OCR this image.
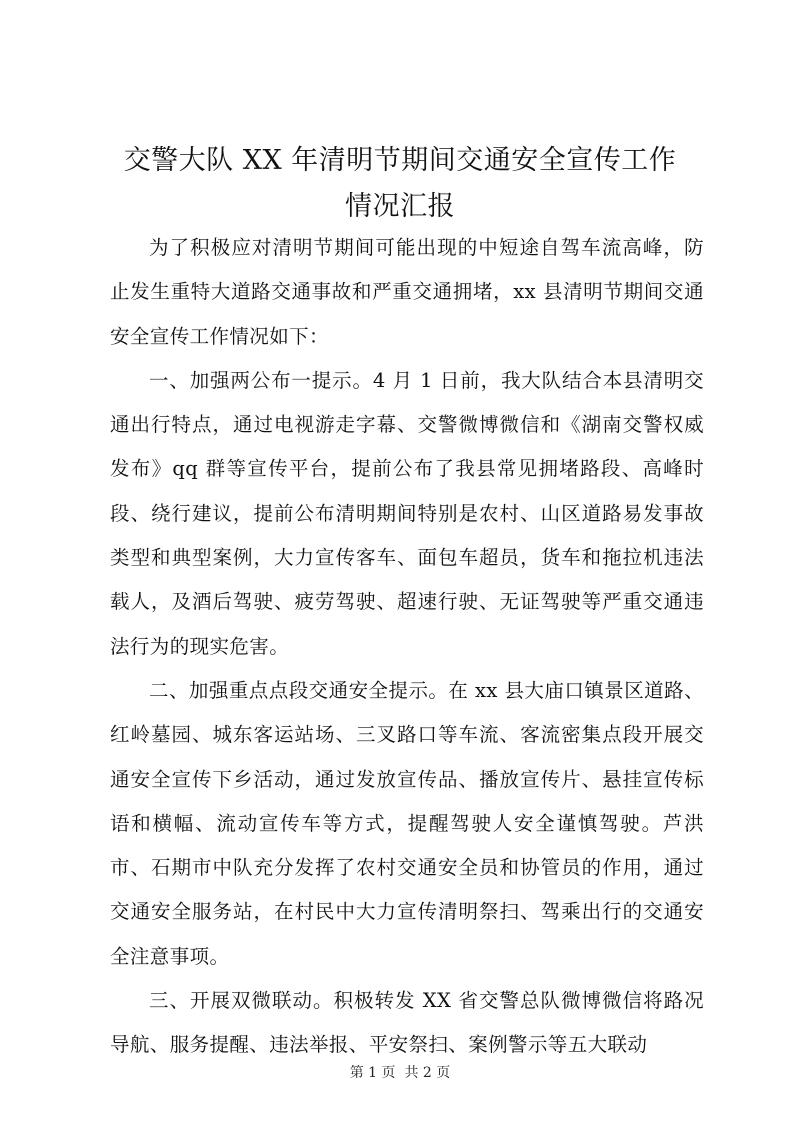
交警大队 XX 年清明节期间交通安全宣传工作
情况汇报

为了积极应对清明节期间可能出现的中短途自驾车流高峰，防止发生重特大道路交通事故和严重交通拥堵，xx 县清明节期间交通安全宣传工作情况如下：

一、加强两公布一提示。4 月 1 日前，我大队结合本县清明交通出行特点，通过电视游走字幕、交警微博微信和《湖南交警权威发布》qq 群等宣传平台，提前公布了我县常见拥堵路段、高峰时段、绕行建议，提前公布清明期间特别是农村、山区道路易发事故类型和典型案例，大力宣传客车、面包车超员，货车和拖拉机违法载人，及酒后驾驶、疲劳驾驶、超速行驶、无证驾驶等严重交通违法行为的现实危害。

二、加强重点点段交通安全提示。在 xx 县大庙口镇景区道路、红岭墓园、城东客运站场、三叉路口等车流、客流密集点段开展交通安全宣传下乡活动，通过发放宣传品、播放宣传片、悬挂宣传标语和横幅、流动宣传车等方式，提醒驾驶人安全谨慎驾驶。芦洪市、石期市中队充分发挥了农村交通安全员和协管员的作用，通过交通安全服务站，在村民中大力宣传清明祭扫、驾乘出行的交通安全注意事项。

三、开展双微联动。积极转发 XX 省交警总队微博微信将路况导航、服务提醒、违法举报、平安祭扫、案例警示等五大联动

第 1 页  共 2 页
